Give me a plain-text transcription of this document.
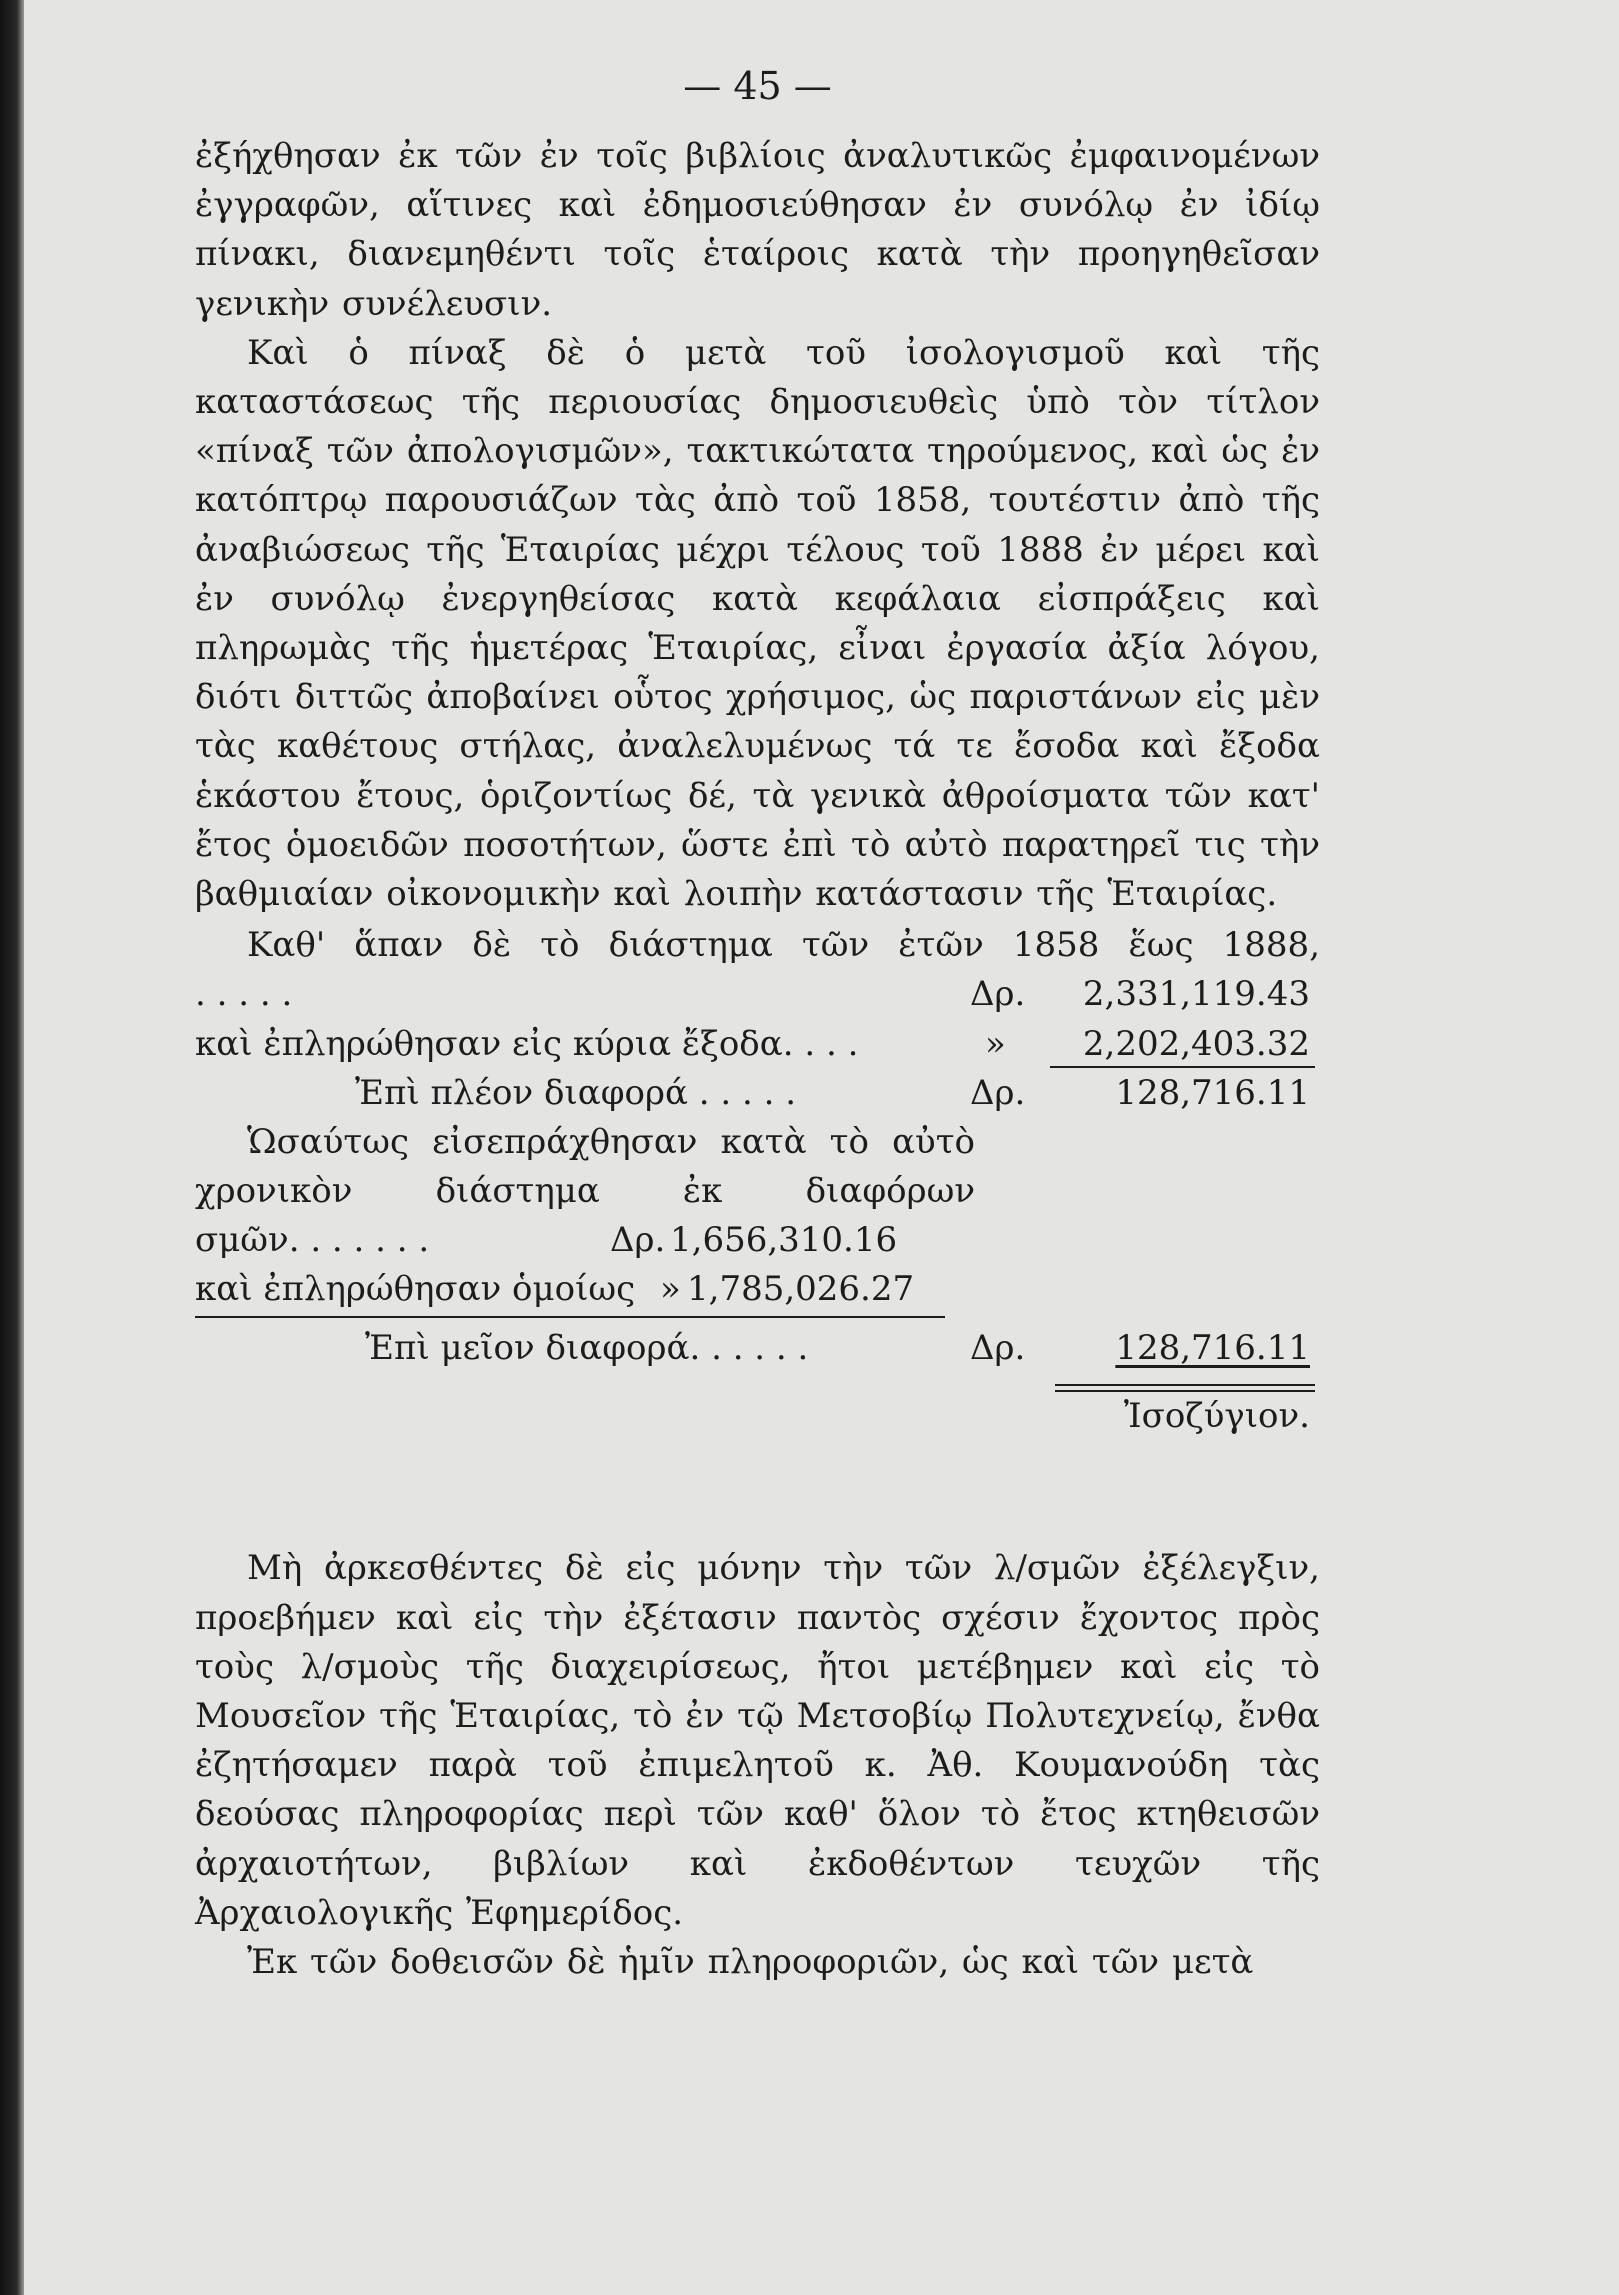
— 45 —

ἐξήχθησαν ἐκ τῶν ἐν τοῖς βιβλίοις ἀναλυτικῶς ἐμφαινομένων ἐγγραφῶν, αἵτινες καὶ ἐδημοσιεύθησαν ἐν συνόλῳ ἐν ἰδίῳ πίνακι, διανεμηθέντι τοῖς ἑταίροις κατὰ τὴν προηγηθεῖσαν γενικὴν συνέλευσιν.

Καὶ ὁ πίναξ δὲ ὁ μετὰ τοῦ ἰσολογισμοῦ καὶ τῆς καταστάσεως τῆς περιουσίας δημοσιευθεὶς ὑπὸ τὸν τίτλον «πίναξ τῶν ἀπολογισμῶν», τακτικώτατα τηρούμενος, καὶ ὡς ἐν κατόπτρῳ παρουσιάζων τὰς ἀπὸ τοῦ 1858, τουτέστιν ἀπὸ τῆς ἀναβιώσεως τῆς Ἑταιρίας μέχρι τέλους τοῦ 1888 ἐν μέρει καὶ ἐν συνόλῳ ἐνεργηθείσας κατὰ κεφάλαια εἰσπράξεις καὶ πληρωμὰς τῆς ἡμετέρας Ἑταιρίας, εἶναι ἐργασία ἀξία λόγου, διότι διττῶς ἀποβαίνει οὗτος χρήσιμος, ὡς παριστάνων εἰς μὲν τὰς καθέτους στήλας, ἀναλελυμένως τά τε ἔσοδα καὶ ἔξοδα ἑκάστου ἔτους, ὁριζοντίως δέ, τὰ γενικὰ ἀθροίσματα τῶν κατ' ἔτος ὁμοειδῶν ποσοτήτων, ὥστε ἐπὶ τὸ αὐτὸ παρατηρεῖ τις τὴν βαθμιαίαν οἰκονομικὴν καὶ λοιπὴν κατάστασιν τῆς Ἑταιρίας.

Καθ' ἅπαν δὲ τὸ διάστημα τῶν ἐτῶν 1858 ἕως 1888,

. . . . .	Δρ. 2,331,119.43
καὶ ἐπληρώθησαν εἰς κύρια ἔξοδα. . . .	» 2,202,403.32
Ἐπὶ πλέον διαφορά . . . . .	Δρ.	128,716.11

Ὡσαύτως εἰσεπράχθησαν κατὰ τὸ αὐτὸ χρονικὸν διάστημα ἐκ διαφόρων

σμῶν. . . . . . .	Δρ. 1,656,310.16
καὶ ἐπληρώθησαν ὁμοίως » 1,785,026.27
Ἐπὶ μεῖον διαφορά. . . . . .	Δρ.	128,716.11
Ἰσοζύγιον.

Μὴ ἀρκεσθέντες δὲ εἰς μόνην τὴν τῶν λ/σμῶν ἐξέλεγξιν, προεβήμεν καὶ εἰς τὴν ἐξέτασιν παντὸς σχέσιν ἔχοντος πρὸς τοὺς λ/σμοὺς τῆς διαχειρίσεως, ἤτοι μετέβημεν καὶ εἰς τὸ Μουσεῖον τῆς Ἑταιρίας, τὸ ἐν τῷ Μετσοβίῳ Πολυτεχνείῳ, ἔνθα ἐζητήσαμεν παρὰ τοῦ ἐπιμελητοῦ κ. Ἀθ. Κουμανούδη τὰς δεούσας πληροφορίας περὶ τῶν καθ' ὅλον τὸ ἔτος κτηθεισῶν ἀρχαιοτήτων, βιβλίων καὶ ἐκδοθέντων τευχῶν τῆς Ἀρχαιολογικῆς Ἐφημερίδος.

Ἐκ τῶν δοθεισῶν δὲ ἡμῖν πληροφοριῶν, ὡς καὶ τῶν μετὰ
